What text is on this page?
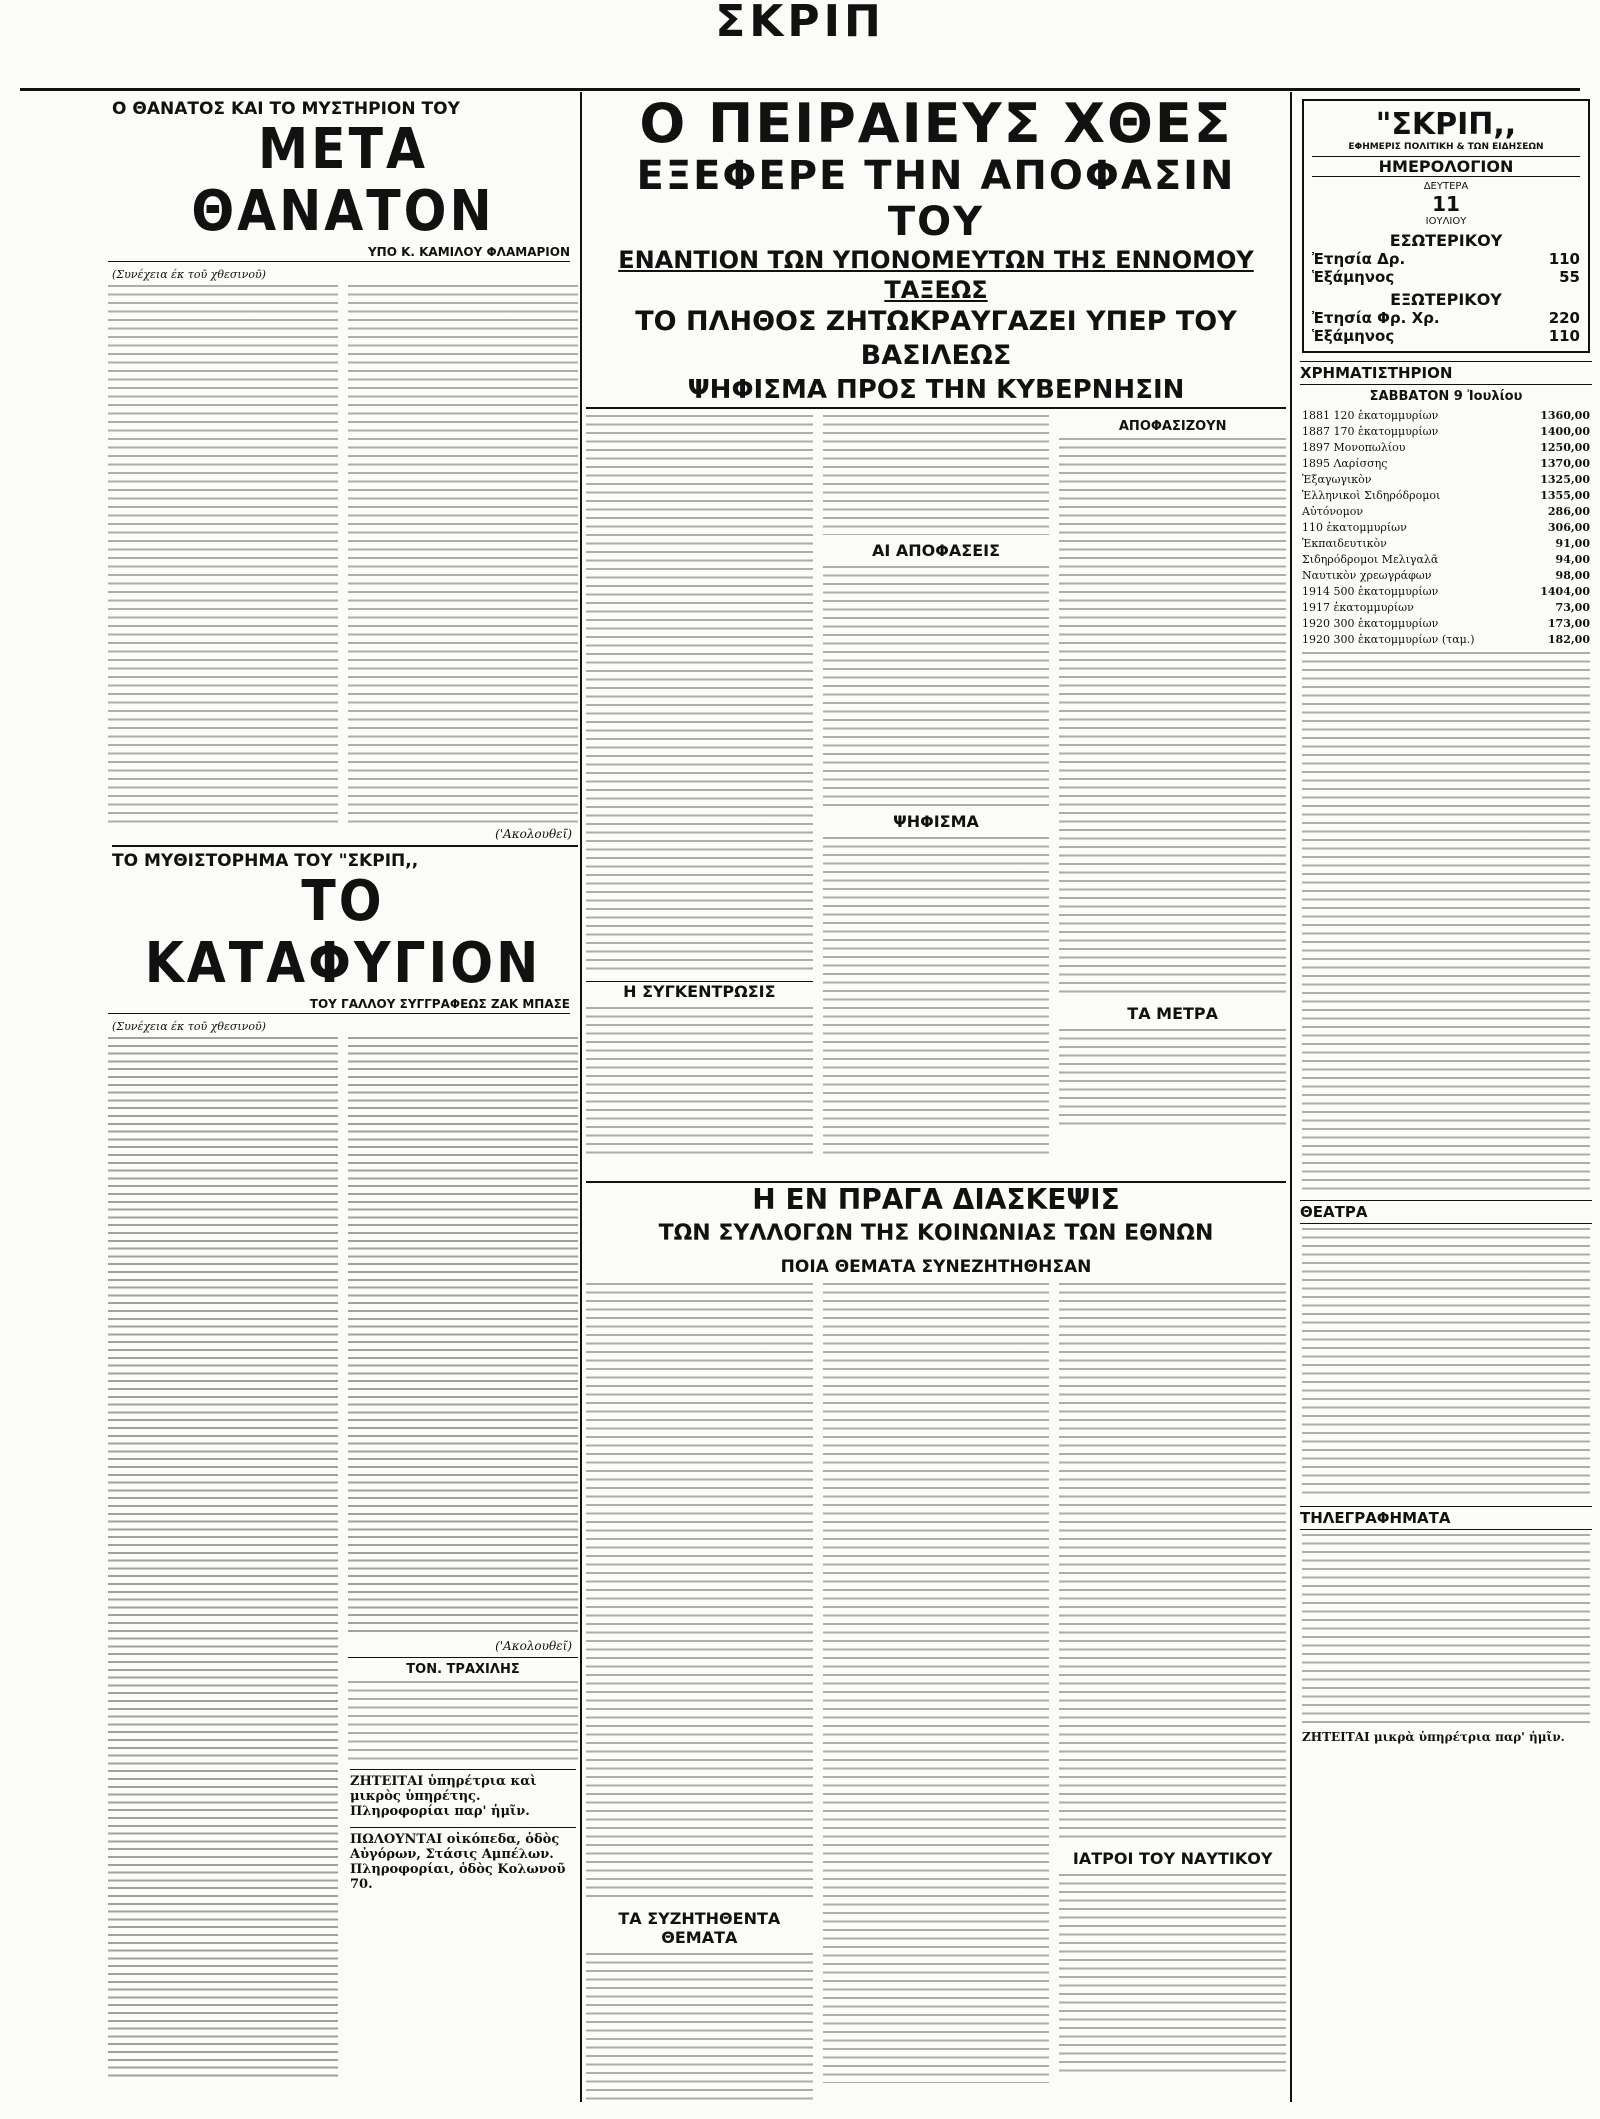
ΣΚΡΙΠ
Ο ΘΑΝΑΤΟΣ ΚΑΙ ΤΟ ΜΥΣΤΗΡΙΟΝ ΤΟΥ
ΜΕΤΑ ΘΑΝΑΤΟΝ
ΥΠΟ Κ. ΚΑΜΙΛΟΥ ΦΛΑΜΑΡΙΟΝ
(Συνέχεια έκ τοῦ χθεσινοῦ)
('Ακολουθεῖ)
ΤΟ ΜΥΘΙΣΤΟΡΗΜΑ ΤΟΥ "ΣΚΡΙΠ,,
ΤΟ ΚΑΤΑΦΥΓΙΟΝ
ΤΟΥ ΓΑΛΛΟΥ ΣΥΓΓΡΑΦΕΩΣ ΖΑΚ ΜΠΑΣΕ
(Συνέχεια έκ τοῦ χθεσινοῦ)
('Ακολουθεῖ)
ΤΟΝ. ΤΡΑΧΙΛΗΣ
ΖΗΤΕΙΤΑΙ ὑπηρέτρια καὶ μικρὸς ὑπηρέτης. Πληροφορίαι παρ' ἡμῖν.
ΠΩΛΟΥΝΤΑΙ οἰκόπεδα, ὁδὸς Αὐγόρων, Στάσις Αμπέλων. Πληροφορίαι, ὁδὸς Κολωνοῦ 70.
Ο ΠΕΙΡΑΙΕΥΣ ΧΘΕΣ
ΕΞΕΦΕΡΕ ΤΗΝ ΑΠΟΦΑΣΙΝ ΤΟΥ
ΕΝΑΝΤΙΟΝ ΤΩΝ ΥΠΟΝΟΜΕΥΤΩΝ ΤΗΣ ΕΝΝΟΜΟΥ ΤΑΞΕΩΣ
ΤΟ ΠΛΗΘΟΣ ΖΗΤΩΚΡΑΥΓΑΖΕΙ ΥΠΕΡ ΤΟΥ ΒΑΣΙΛΕΩΣ
ΨΗΦΙΣΜΑ ΠΡΟΣ ΤΗΝ ΚΥΒΕΡΝΗΣΙΝ
Η ΣΥΓΚΕΝΤΡΩΣΙΣ
ΑΙ ΑΠΟΦΑΣΕΙΣ
ΨΗΦΙΣΜΑ
ΑΠΟΦΑΣΙΖΟΥΝ
ΤΑ ΜΕΤΡΑ
Η ΕΝ ΠΡΑΓΑ ΔΙΑΣΚΕΨΙΣ
ΤΩΝ ΣΥΛΛΟΓΩΝ ΤΗΣ ΚΟΙΝΩΝΙΑΣ ΤΩΝ ΕΘΝΩΝ
ΠΟΙΑ ΘΕΜΑΤΑ ΣΥΝΕΖΗΤΗΘΗΣΑΝ
ΤΑ ΣΥΖΗΤΗΘΕΝΤΑ ΘΕΜΑΤΑ
ΙΑΤΡΟΙ ΤΟΥ ΝΑΥΤΙΚΟΥ
"ΣΚΡΙΠ,,
ΕΦΗΜΕΡΙΣ ΠΟΛΙΤΙΚΗ & ΤΩΝ ΕΙΔΗΣΕΩΝ
ΗΜΕΡΟΛΟΓΙΟΝ
ΔΕΥΤΕΡΑ
11
ΙΟΥΛΙΟΥ
ΕΣΩΤΕΡΙΚΟΥ
Ἐτησία Δρ.	110
Ἑξάμηνος	55
ΕΞΩΤΕΡΙΚΟΥ
Ἐτησία Φρ. Χρ.	220
Ἑξάμηνος	110
ΧΡΗΜΑΤΙΣΤΗΡΙΟΝ
ΣΑΒΒΑΤΟΝ 9 Ἰουλίου
1881 120 ἑκατομμυρίων	1360,00
1887 170 ἑκατομμυρίων	1400,00
1897 Μονοπωλίου	1250,00
1895 Λαρίσσης	1370,00
Ἐξαγωγικὸν	1325,00
Ἑλληνικοὶ Σιδηρόδρομοι	1355,00
Αὐτόνομον	286,00
110 ἑκατομμυρίων	306,00
Ἐκπαιδευτικὸν	91,00
Σιδηρόδρομοι Μελιγαλᾶ	94,00
Ναυτικὸν χρεωγράφων	98,00
1914 500 ἑκατομμυρίων	1404,00
1917 ἑκατομμυρίων	73,00
1920 300 ἑκατομμυρίων	173,00
1920 300 ἑκατομμυρίων (ταμ.)	182,00
ΘΕΑΤΡΑ
ΤΗΛΕΓΡΑΦΗΜΑΤΑ
ΖΗΤΕΙΤΑΙ μικρὰ ὑπηρέτρια παρ' ἡμῖν.
